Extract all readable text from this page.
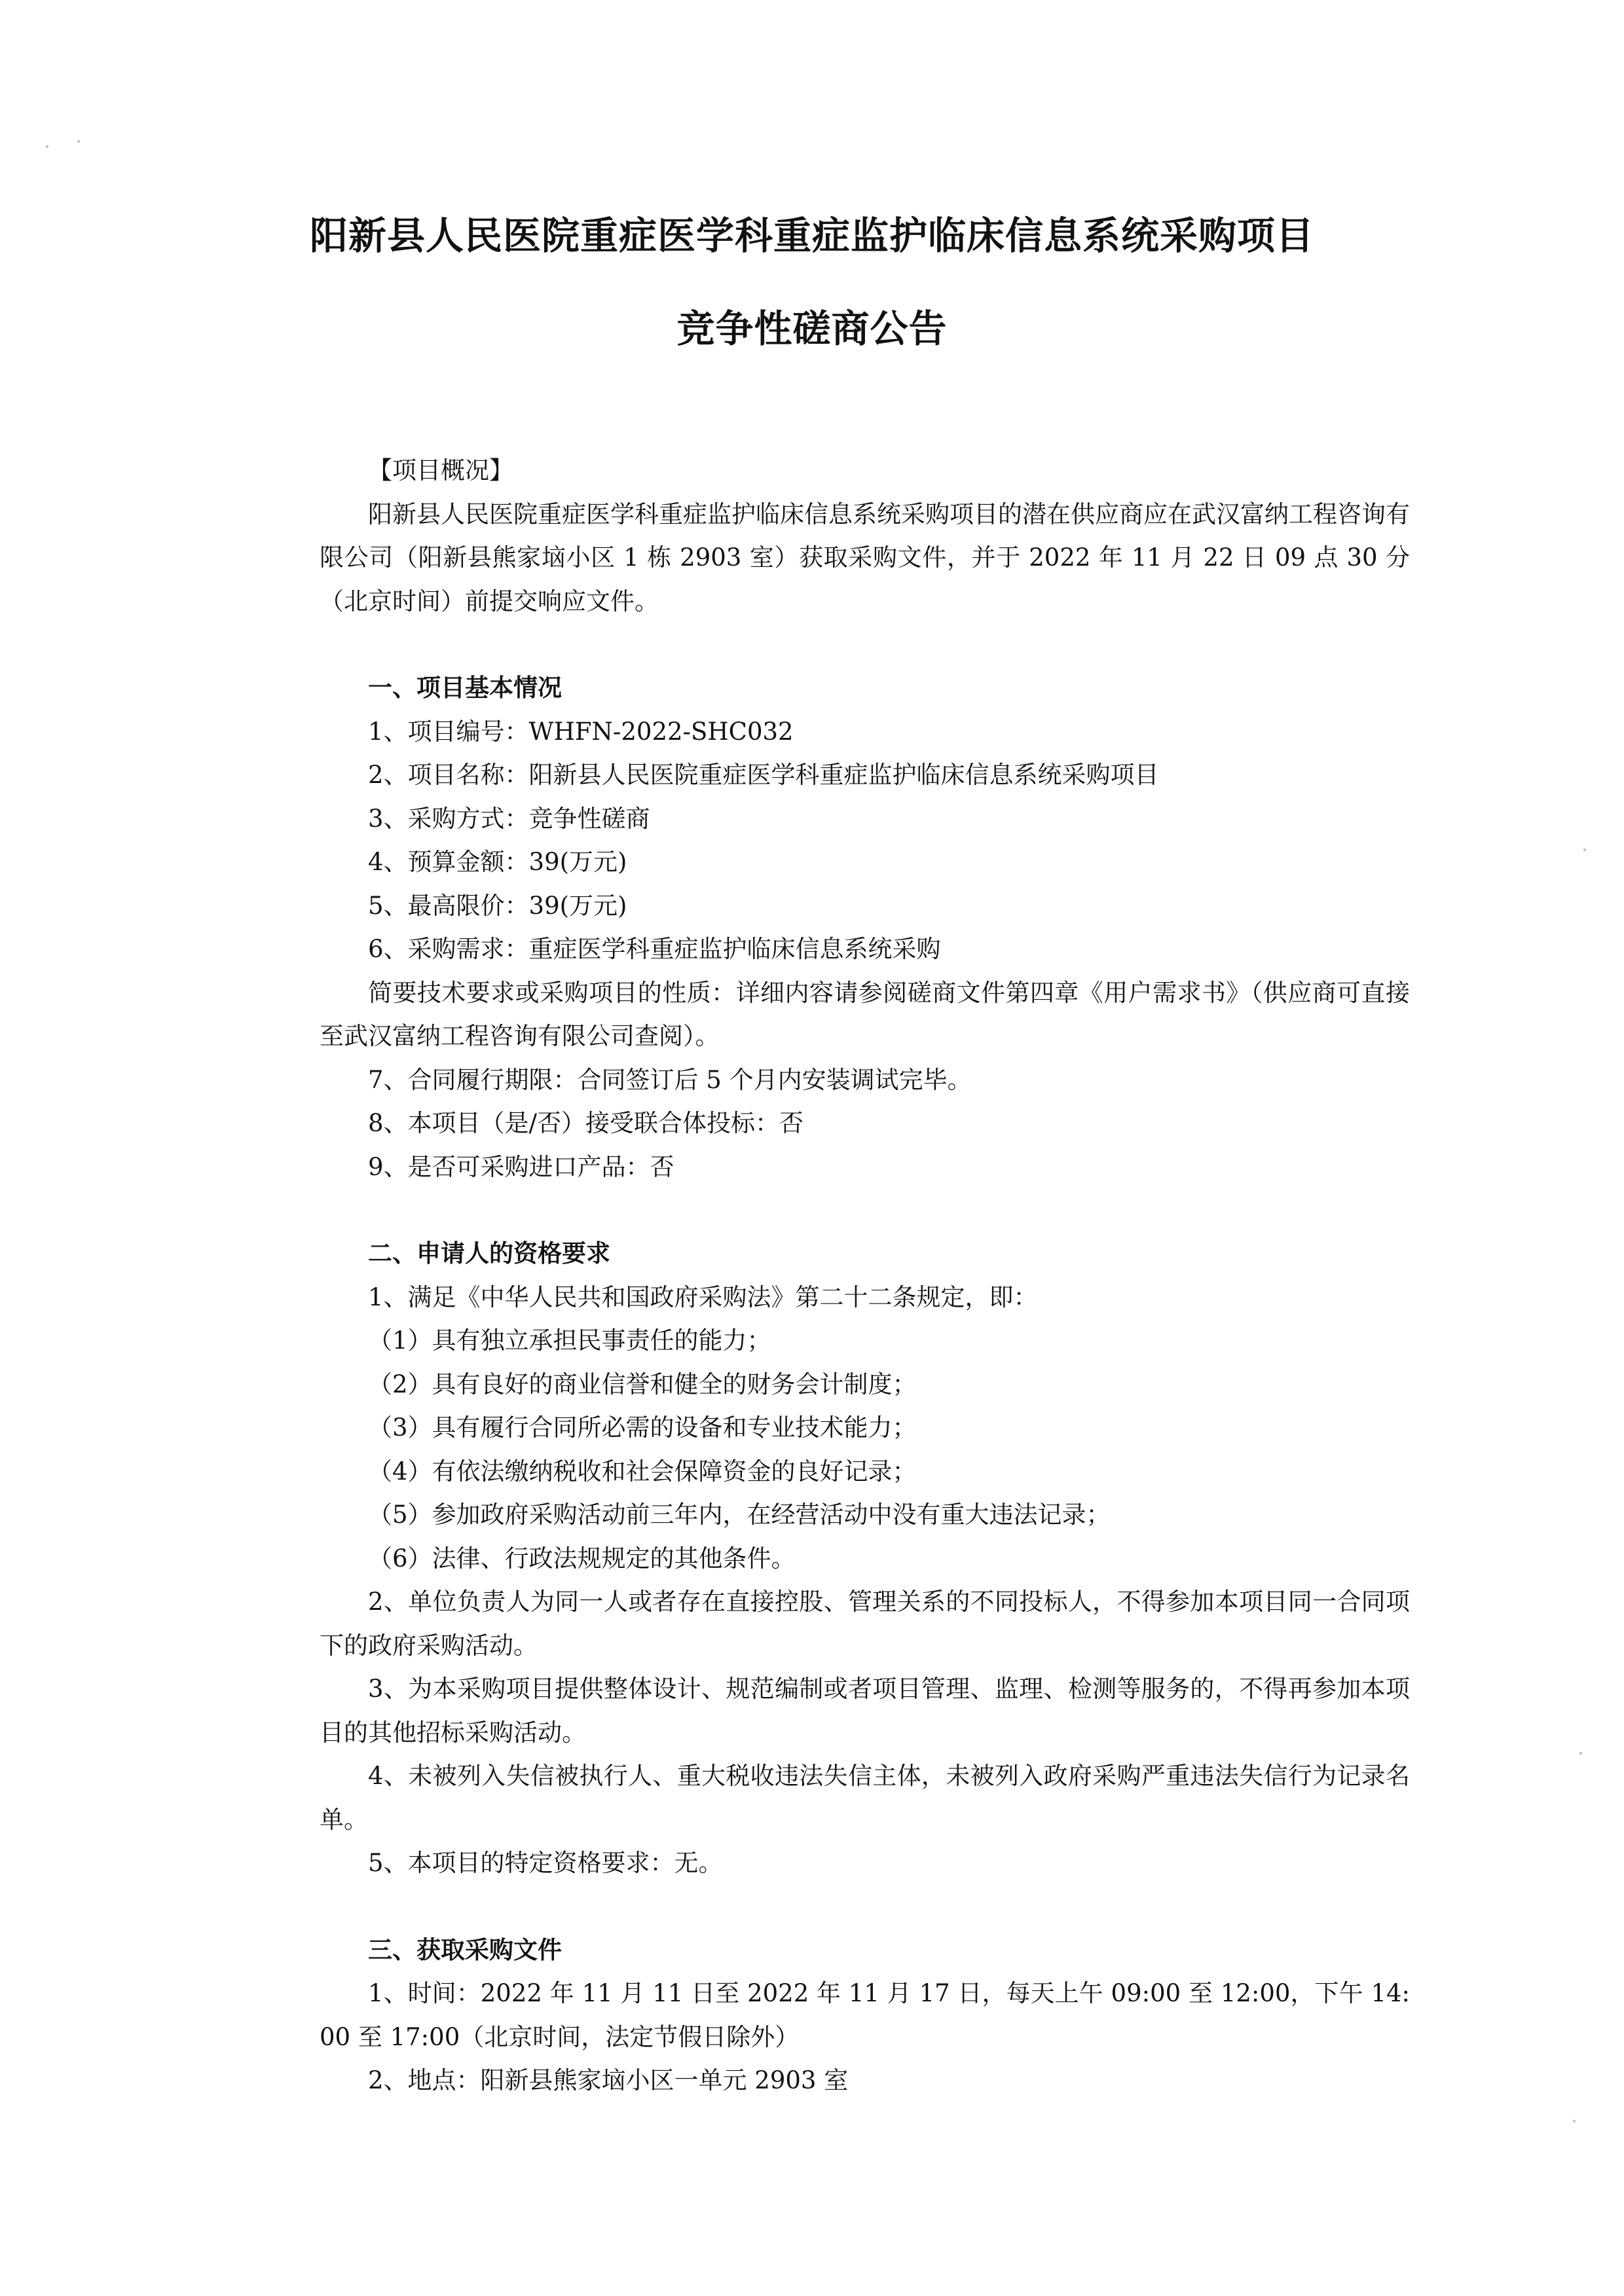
阳新县人民医院重症医学科重症监护临床信息系统采购项目
竞争性磋商公告

【项目概况】

阳新县人民医院重症医学科重症监护临床信息系统采购项目的潜在供应商应在武汉富纳工程咨询有限公司（阳新县熊家垴小区 1 栋 2903 室）获取采购文件，并于 2022 年 11 月 22 日 09 点 30 分（北京时间）前提交响应文件。

一、项目基本情况

1、项目编号：WHFN-2022-SHC032

2、项目名称：阳新县人民医院重症医学科重症监护临床信息系统采购项目

3、采购方式：竞争性磋商

4、预算金额：39(万元)

5、最高限价：39(万元)

6、采购需求：重症医学科重症监护临床信息系统采购

简要技术要求或采购项目的性质：详细内容请参阅磋商文件第四章《用户需求书》（供应商可直接至武汉富纳工程咨询有限公司查阅）。

7、合同履行期限：合同签订后 5 个月内安装调试完毕。

8、本项目（是/否）接受联合体投标：否

9、是否可采购进口产品：否

二、申请人的资格要求

1、满足《中华人民共和国政府采购法》第二十二条规定，即：

（1）具有独立承担民事责任的能力；

（2）具有良好的商业信誉和健全的财务会计制度；

（3）具有履行合同所必需的设备和专业技术能力；

（4）有依法缴纳税收和社会保障资金的良好记录；

（5）参加政府采购活动前三年内，在经营活动中没有重大违法记录；

（6）法律、行政法规规定的其他条件。

2、单位负责人为同一人或者存在直接控股、管理关系的不同投标人，不得参加本项目同一合同项下的政府采购活动。

3、为本采购项目提供整体设计、规范编制或者项目管理、监理、检测等服务的，不得再参加本项目的其他招标采购活动。

4、未被列入失信被执行人、重大税收违法失信主体，未被列入政府采购严重违法失信行为记录名单。

5、本项目的特定资格要求：无。

三、获取采购文件

1、时间：2022 年 11 月 11 日至 2022 年 11 月 17 日，每天上午 09:00 至 12:00，下午 14:00 至 17:00（北京时间，法定节假日除外）

2、地点：阳新县熊家垴小区一单元 2903 室
